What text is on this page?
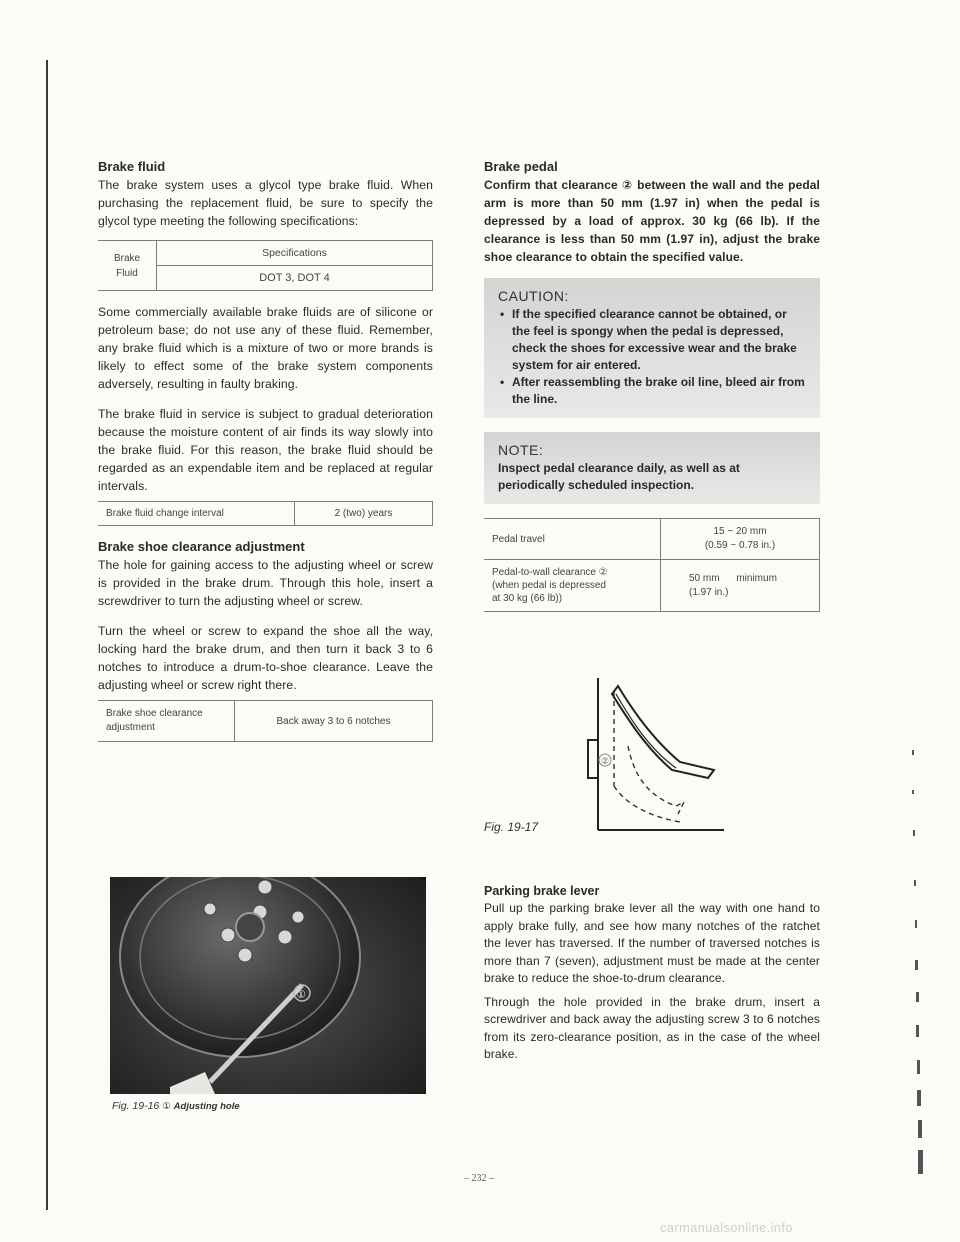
Brake fluid

The brake system uses a glycol type brake fluid. When purchasing the replacement fluid, be sure to specify the glycol type meeting the following specifications:

Brake Fluid	Specifications
DOT 3, DOT 4

Some commercially available brake fluids are of silicone or petroleum base; do not use any of these fluid. Remember, any brake fluid which is a mixture of two or more brands is likely to effect some of the brake system components adversely, resulting in faulty braking.

The brake fluid in service is subject to gradual deterioration because the moisture content of air finds its way slowly into the brake fluid. For this reason, the brake fluid should be regarded as an expendable item and be replaced at regular intervals.

Brake fluid change interval	2 (two) years

Brake shoe clearance adjustment

The hole for gaining access to the adjusting wheel or screw is provided in the brake drum. Through this hole, insert a screwdriver to turn the adjusting wheel or screw.

Turn the wheel or screw to expand the shoe all the way, locking hard the brake drum, and then turn it back 3 to 6 notches to introduce a drum-to-shoe clearance. Leave the adjusting wheel or screw right there.

Brake shoe clearance adjustment	Back away 3 to 6 notches
①
Fig. 19-16 ① Adjusting hole

Brake pedal

Confirm that clearance ② between the wall and the pedal arm is more than 50 mm (1.97 in) when the pedal is depressed by a load of approx. 30 kg (66 lb). If the clearance is less than 50 mm (1.97 in), adjust the brake shoe clearance to obtain the specified value.

CAUTION:
• If the specified clearance cannot be obtained, or the feel is spongy when the pedal is depressed, check the shoes for excessive wear and the brake system for air entered.
• After reassembling the brake oil line, bleed air from the line.
NOTE:
Inspect pedal clearance daily, as well as at periodically scheduled inspection.
Pedal travel	15 ~ 20 mm
(0.59 ~ 0.78 in.)
Pedal-to-wall clearance ②
(when pedal is depressed
at 30 kg (66 lb))	50 mm minimum
(1.97 in.)
②
Fig. 19-17

Parking brake lever

Pull up the parking brake lever all the way with one hand to apply brake fully, and see how many notches of the ratchet the lever has traversed. If the number of traversed notches is more than 7 (seven), adjustment must be made at the center brake to reduce the shoe-to-drum clearance.

Through the hole provided in the brake drum, insert a screwdriver and back away the adjusting screw 3 to 6 notches from its zero-clearance position, as in the case of the wheel brake.

– 232 –
carmanualsonline.info
